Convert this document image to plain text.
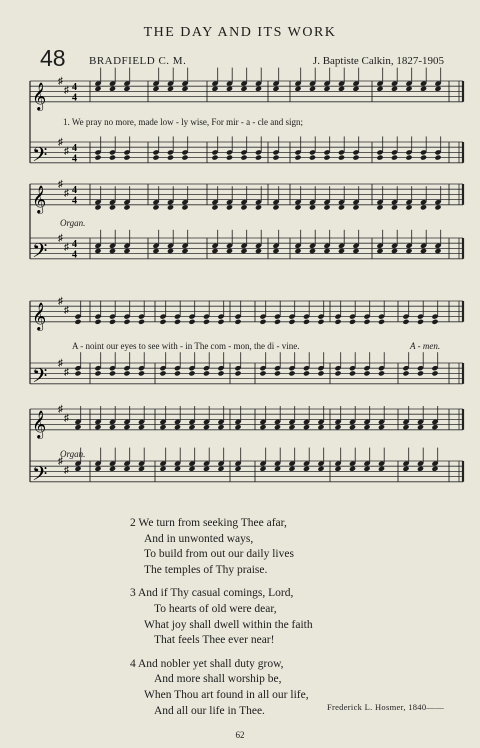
THE DAY AND ITS WORK
48 BRADFIELD C. M.	J. Baptiste Calkin, 1827-1905
𝄞
♯
♯ 4
4
𝄢
♯
♯ 4
4
𝄞
♯
♯ 4
4
𝄢
♯
♯ 4
4
𝄞
♯
♯
𝄢
♯
♯
𝄞
♯
♯
𝄢
♯
♯
1. We pray no more, made low - ly wise, For mir - a - cle and sign;
Organ.
A - noint our eyes to see with - in The com - mon, the di - vine.	A - men.
Organ.
2 We turn from seeking Thee afar,
And in unwonted ways,
To build from out our daily lives
The temples of Thy praise.
3 And if Thy casual comings, Lord,
To hearts of old were dear,
What joy shall dwell within the faith
That feels Thee ever near!
4 And nobler yet shall duty grow,
And more shall worship be,
When Thou art found in all our life,
And all our life in Thee.	Frederick L. Hosmer, 1840——
62
